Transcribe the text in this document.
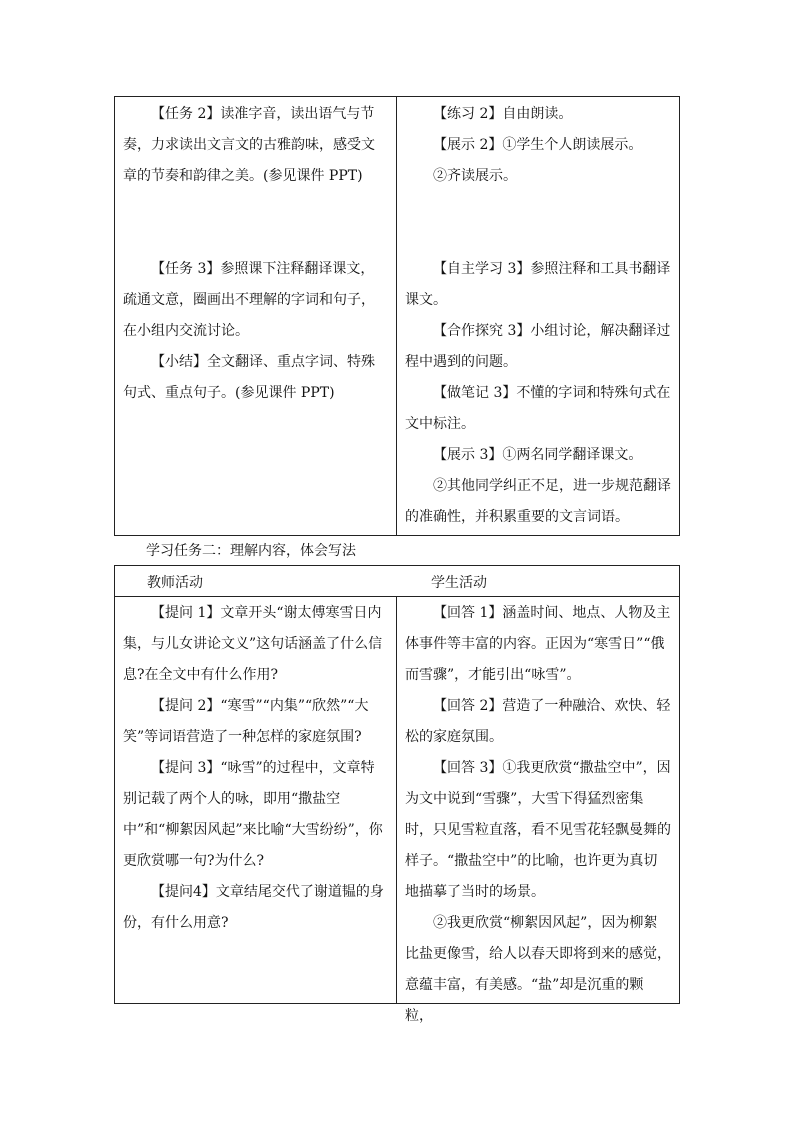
【任务 2】读准字音，读出语气与节奏，力求读出文言文的古雅韵味，感受文章的节奏和韵律之美。(参见课件 PPT)

【任务 3】参照课下注释翻译课文，疏通文意，圈画出不理解的字词和句子，在小组内交流讨论。

【小结】全文翻译、重点字词、特殊句式、重点句子。(参见课件 PPT)

【练习 2】自由朗读。

【展示 2】①学生个人朗读展示。

②齐读展示。

【自主学习 3】参照注释和工具书翻译课文。

【合作探究 3】小组讨论，解决翻译过程中遇到的问题。

【做笔记 3】不懂的字词和特殊句式在文中标注。

【展示 3】①两名同学翻译课文。

②其他同学纠正不足，进一步规范翻译的准确性，并积累重要的文言词语。

学习任务二：理解内容，体会写法
教师活动	学生活动

【提问 1】文章开头“谢太傅寒雪日内集，与儿女讲论文义”这句话涵盖了什么信息?在全文中有什么作用?

【提问 2】“寒雪”“内集”“欣然”“大笑”等词语营造了一种怎样的家庭氛围?

【提问 3】“咏雪”的过程中，文章特别记载了两个人的咏，即用“撒盐空中”和“柳絮因风起”来比喻“大雪纷纷”，你更欣赏哪一句?为什么?

【提问4】文章结尾交代了谢道韫的身份，有什么用意?

【回答 1】涵盖时间、地点、人物及主体事件等丰富的内容。正因为“寒雪日”“俄而雪骤”，才能引出“咏雪”。

【回答 2】营造了一种融洽、欢快、轻松的家庭氛围。

【回答 3】①我更欣赏“撒盐空中”，因为文中说到“雪骤”，大雪下得猛烈密集时，只见雪粒直落，看不见雪花轻飘曼舞的样子。“撒盐空中”的比喻，也许更为真切地描摹了当时的场景。

②我更欣赏“柳絮因风起”，因为柳絮比盐更像雪，给人以春天即将到来的感觉，意蕴丰富，有美感。“盐”却是沉重的颗粒，
